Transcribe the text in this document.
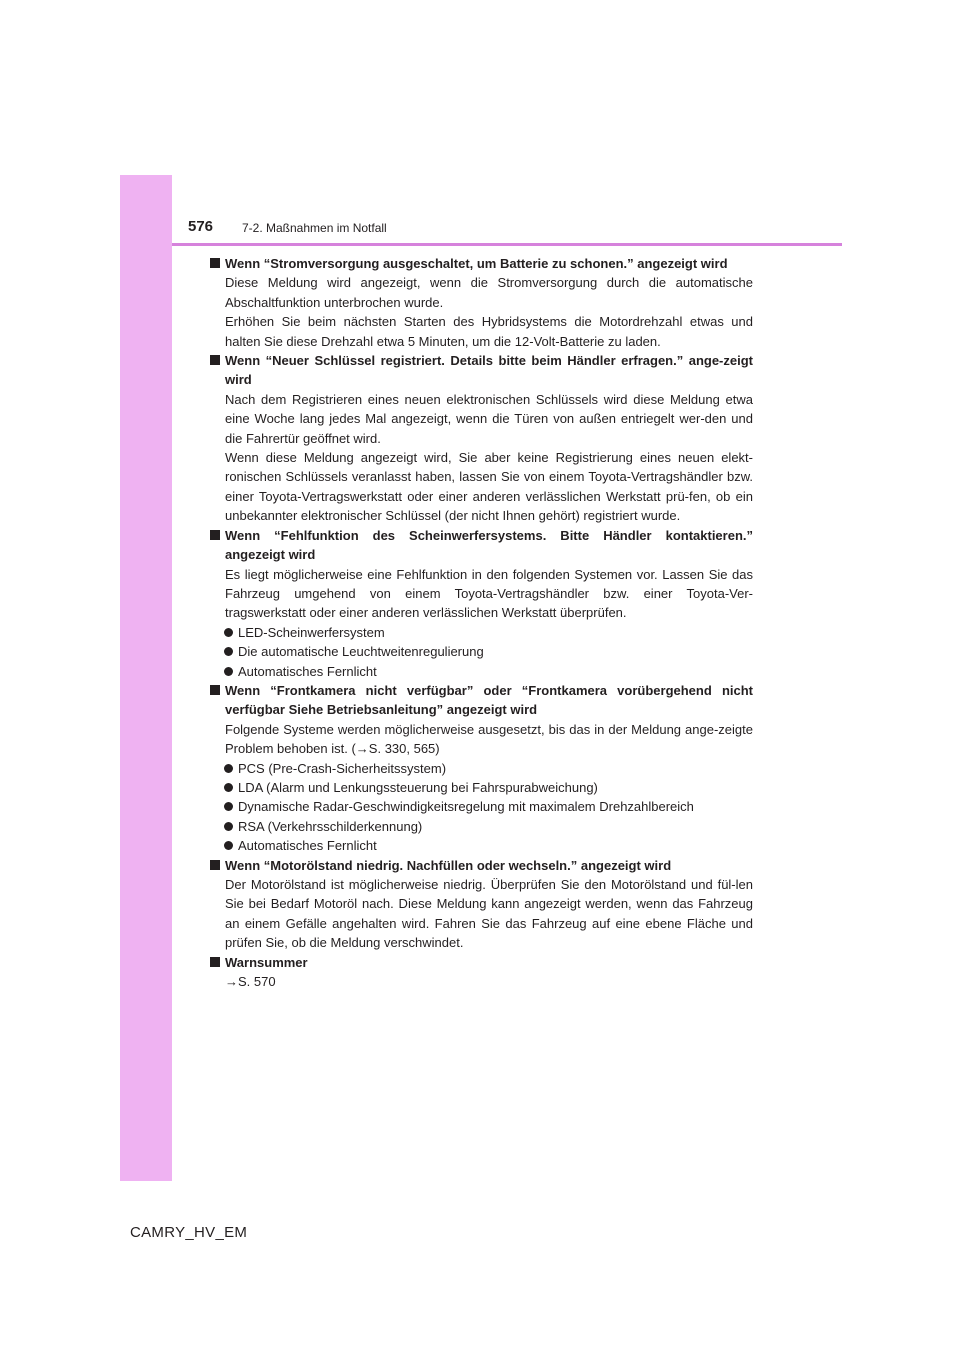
576 7-2. Maßnahmen im Notfall

Wenn “Stromversorgung ausgeschaltet, um Batterie zu schonen.” angezeigt wird

Diese Meldung wird angezeigt, wenn die Stromversorgung durch die automatische Abschaltfunktion unterbrochen wurde.

Erhöhen Sie beim nächsten Starten des Hybridsystems die Motordrehzahl etwas und halten Sie diese Drehzahl etwa 5 Minuten, um die 12-Volt-Batterie zu laden.

Wenn “Neuer Schlüssel registriert. Details bitte beim Händler erfragen.” ange-zeigt wird

Nach dem Registrieren eines neuen elektronischen Schlüssels wird diese Meldung etwa eine Woche lang jedes Mal angezeigt, wenn die Türen von außen entriegelt wer-den und die Fahrertür geöffnet wird.

Wenn diese Meldung angezeigt wird, Sie aber keine Registrierung eines neuen elekt-ronischen Schlüssels veranlasst haben, lassen Sie von einem Toyota-Vertragshändler bzw. einer Toyota-Vertragswerkstatt oder einer anderen verlässlichen Werkstatt prü-fen, ob ein unbekannter elektronischer Schlüssel (der nicht Ihnen gehört) registriert wurde.

Wenn “Fehlfunktion des Scheinwerfersystems. Bitte Händler kontaktieren.” angezeigt wird

Es liegt möglicherweise eine Fehlfunktion in den folgenden Systemen vor. Lassen Sie das Fahrzeug umgehend von einem Toyota-Vertragshändler bzw. einer Toyota-Ver-tragswerkstatt oder einer anderen verlässlichen Werkstatt überprüfen.

LED-Scheinwerfersystem

Die automatische Leuchtweitenregulierung

Automatisches Fernlicht

Wenn “Frontkamera nicht verfügbar” oder “Frontkamera vorübergehend nicht verfügbar Siehe Betriebsanleitung” angezeigt wird

Folgende Systeme werden möglicherweise ausgesetzt, bis das in der Meldung ange-zeigte Problem behoben ist. (→S. 330, 565)

PCS (Pre-Crash-Sicherheitssystem)

LDA (Alarm und Lenkungssteuerung bei Fahrspurabweichung)

Dynamische Radar-Geschwindigkeitsregelung mit maximalem Drehzahlbereich

RSA (Verkehrsschilderkennung)

Automatisches Fernlicht

Wenn “Motorölstand niedrig. Nachfüllen oder wechseln.” angezeigt wird

Der Motorölstand ist möglicherweise niedrig. Überprüfen Sie den Motorölstand und fül-len Sie bei Bedarf Motoröl nach. Diese Meldung kann angezeigt werden, wenn das Fahrzeug an einem Gefälle angehalten wird. Fahren Sie das Fahrzeug auf eine ebene Fläche und prüfen Sie, ob die Meldung verschwindet.

Warnsummer

→S. 570

CAMRY_HV_EM
